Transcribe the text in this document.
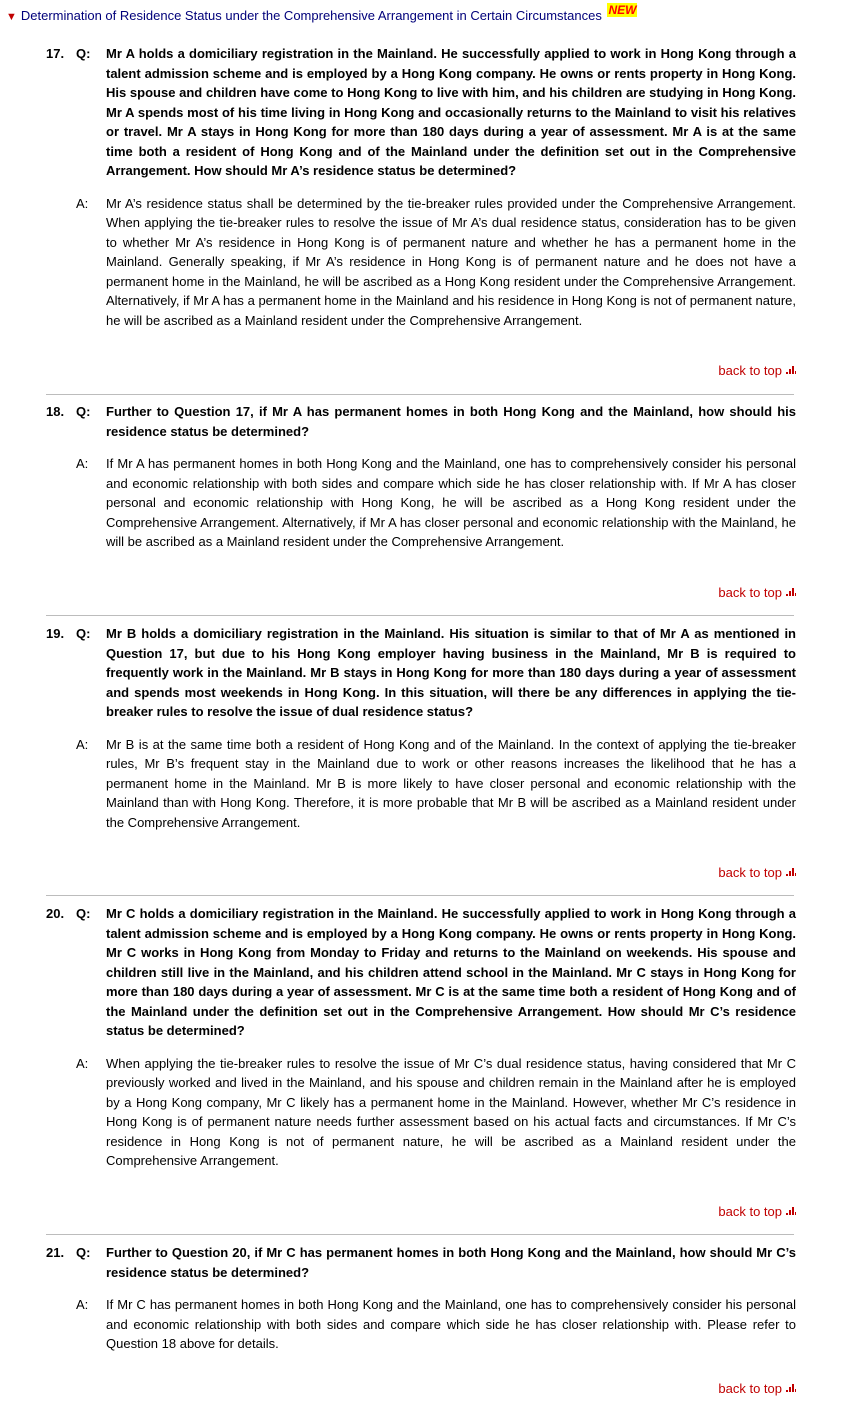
▼ Determination of Residence Status under the Comprehensive Arrangement in Certain Circumstances NEW
17. Q: Mr A holds a domiciliary registration in the Mainland. He successfully applied to work in Hong Kong through a talent admission scheme and is employed by a Hong Kong company. He owns or rents property in Hong Kong. His spouse and children have come to Hong Kong to live with him, and his children are studying in Hong Kong. Mr A spends most of his time living in Hong Kong and occasionally returns to the Mainland to visit his relatives or travel. Mr A stays in Hong Kong for more than 180 days during a year of assessment. Mr A is at the same time both a resident of Hong Kong and of the Mainland under the definition set out in the Comprehensive Arrangement. How should Mr A’s residence status be determined?
A: Mr A’s residence status shall be determined by the tie-breaker rules provided under the Comprehensive Arrangement. When applying the tie-breaker rules to resolve the issue of Mr A’s dual residence status, consideration has to be given to whether Mr A’s residence in Hong Kong is of permanent nature and whether he has a permanent home in the Mainland. Generally speaking, if Mr A’s residence in Hong Kong is of permanent nature and he does not have a permanent home in the Mainland, he will be ascribed as a Hong Kong resident under the Comprehensive Arrangement. Alternatively, if Mr A has a permanent home in the Mainland and his residence in Hong Kong is not of permanent nature, he will be ascribed as a Mainland resident under the Comprehensive Arrangement.
back to top
18. Q: Further to Question 17, if Mr A has permanent homes in both Hong Kong and the Mainland, how should his residence status be determined?
A: If Mr A has permanent homes in both Hong Kong and the Mainland, one has to comprehensively consider his personal and economic relationship with both sides and compare which side he has closer relationship with. If Mr A has closer personal and economic relationship with Hong Kong, he will be ascribed as a Hong Kong resident under the Comprehensive Arrangement. Alternatively, if Mr A has closer personal and economic relationship with the Mainland, he will be ascribed as a Mainland resident under the Comprehensive Arrangement.
back to top
19. Q: Mr B holds a domiciliary registration in the Mainland. His situation is similar to that of Mr A as mentioned in Question 17, but due to his Hong Kong employer having business in the Mainland, Mr B is required to frequently work in the Mainland. Mr B stays in Hong Kong for more than 180 days during a year of assessment and spends most weekends in Hong Kong. In this situation, will there be any differences in applying the tie-breaker rules to resolve the issue of dual residence status?
A: Mr B is at the same time both a resident of Hong Kong and of the Mainland. In the context of applying the tie-breaker rules, Mr B’s frequent stay in the Mainland due to work or other reasons increases the likelihood that he has a permanent home in the Mainland. Mr B is more likely to have closer personal and economic relationship with the Mainland than with Hong Kong. Therefore, it is more probable that Mr B will be ascribed as a Mainland resident under the Comprehensive Arrangement.
back to top
20. Q: Mr C holds a domiciliary registration in the Mainland. He successfully applied to work in Hong Kong through a talent admission scheme and is employed by a Hong Kong company. He owns or rents property in Hong Kong. Mr C works in Hong Kong from Monday to Friday and returns to the Mainland on weekends. His spouse and children still live in the Mainland, and his children attend school in the Mainland. Mr C stays in Hong Kong for more than 180 days during a year of assessment. Mr C is at the same time both a resident of Hong Kong and of the Mainland under the definition set out in the Comprehensive Arrangement. How should Mr C’s residence status be determined?
A: When applying the tie-breaker rules to resolve the issue of Mr C’s dual residence status, having considered that Mr C previously worked and lived in the Mainland, and his spouse and children remain in the Mainland after he is employed by a Hong Kong company, Mr C likely has a permanent home in the Mainland. However, whether Mr C’s residence in Hong Kong is of permanent nature needs further assessment based on his actual facts and circumstances. If Mr C’s residence in Hong Kong is not of permanent nature, he will be ascribed as a Mainland resident under the Comprehensive Arrangement.
back to top
21. Q: Further to Question 20, if Mr C has permanent homes in both Hong Kong and the Mainland, how should Mr C’s residence status be determined?
A: If Mr C has permanent homes in both Hong Kong and the Mainland, one has to comprehensively consider his personal and economic relationship with both sides and compare which side he has closer relationship with. Please refer to Question 18 above for details.
back to top
